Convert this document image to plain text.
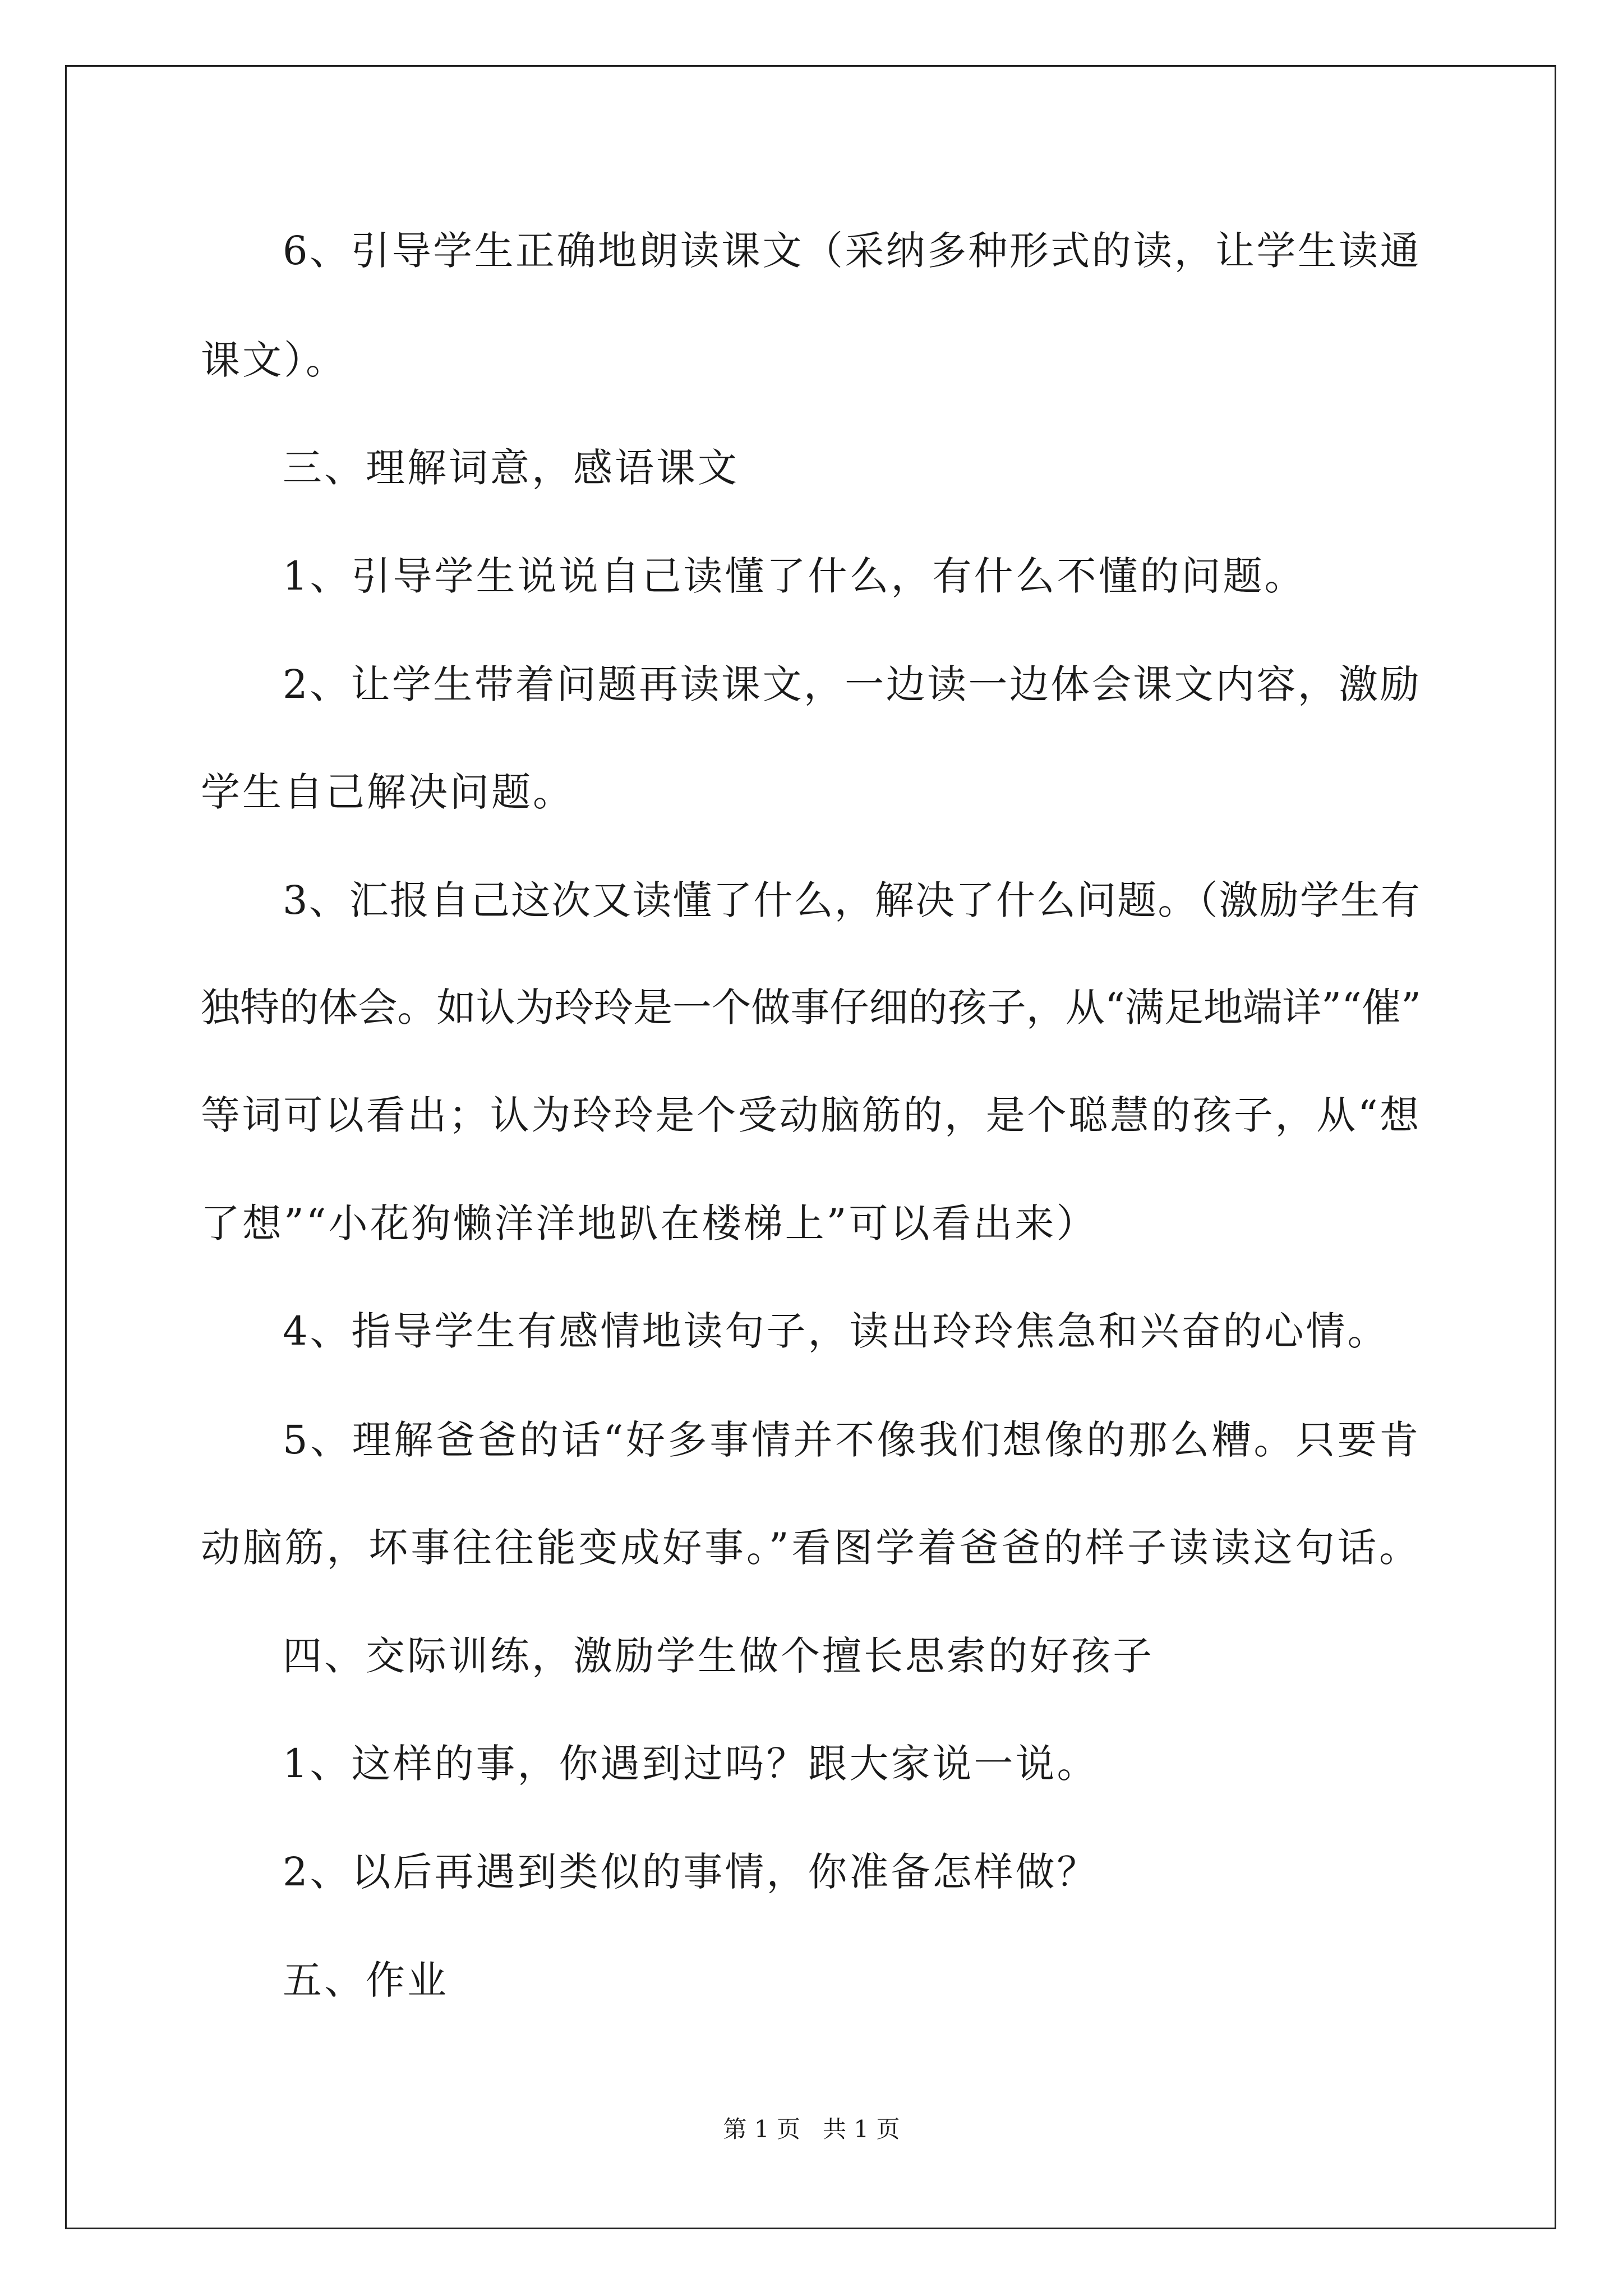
6、引导学生正确地朗读课文（采纳多种形式的读，让学生读通

课文）。

三、理解词意，感语课文

1、引导学生说说自己读懂了什么，有什么不懂的问题。

2、让学生带着问题再读课文，一边读一边体会课文内容，激励

学生自己解决问题。

3、汇报自己这次又读懂了什么，解决了什么问题。（激励学生有

独特的体会。如认为玲玲是一个做事仔细的孩子，从“满足地端详”“催”

等词可以看出；认为玲玲是个受动脑筋的，是个聪慧的孩子，从“想

了想”“小花狗懒洋洋地趴在楼梯上”可以看出来）

4、指导学生有感情地读句子，读出玲玲焦急和兴奋的心情。

5、理解爸爸的话“好多事情并不像我们想像的那么糟。只要肯

动脑筋，坏事往往能变成好事。”看图学着爸爸的样子读读这句话。

四、交际训练，激励学生做个擅长思索的好孩子

1、这样的事，你遇到过吗？跟大家说一说。

2、以后再遇到类似的事情，你准备怎样做？

五、作业

第 1 页   共 1 页
